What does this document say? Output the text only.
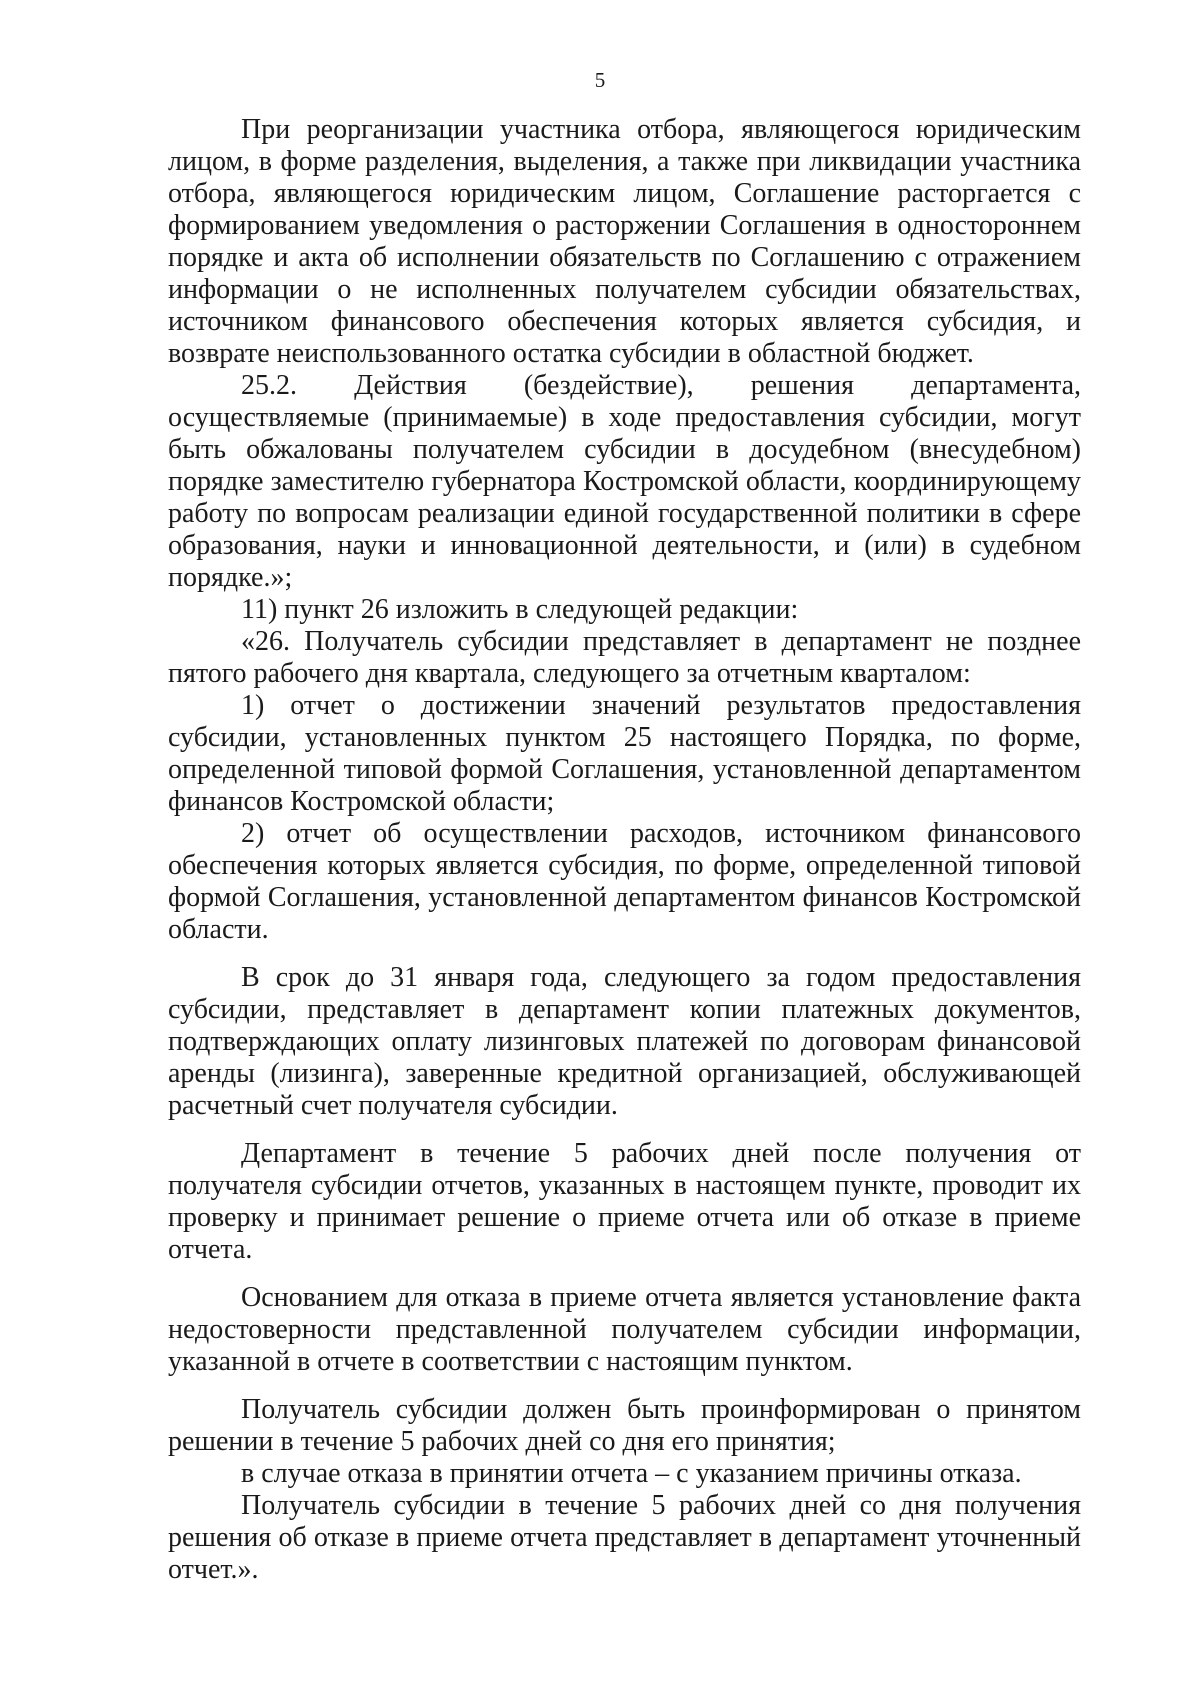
5

При реорганизации участника отбора, являющегося юридическим лицом, в форме разделения, выделения, а также при ликвидации участника отбора, являющегося юридическим лицом, Соглашение расторгается с формированием уведомления о расторжении Соглашения в одностороннем порядке и акта об исполнении обязательств по Соглашению с отражением информации о не исполненных получателем субсидии обязательствах, источником финансового обеспечения которых является субсидия, и возврате неиспользованного остатка субсидии в областной бюджет.

25.2. Действия (бездействие), решения департамента, осуществляемые (принимаемые) в ходе предоставления субсидии, могут быть обжалованы получателем субсидии в досудебном (внесудебном) порядке заместителю губернатора Костромской области, координирующему работу по вопросам реализации единой государственной политики в сфере образования, науки и инновационной деятельности, и (или) в судебном порядке.»;

11) пункт 26 изложить в следующей редакции:

«26. Получатель субсидии представляет в департамент не позднее пятого рабочего дня квартала, следующего за отчетным кварталом:

1) отчет о достижении значений результатов предоставления субсидии, установленных пунктом 25 настоящего Порядка, по форме, определенной типовой формой Соглашения, установленной департаментом финансов Костромской области;

2) отчет об осуществлении расходов, источником финансового обеспечения которых является субсидия, по форме, определенной типовой формой Соглашения, установленной департаментом финансов Костромской области.

В срок до 31 января года, следующего за годом предоставления субсидии, представляет в департамент копии платежных документов, подтверждающих оплату лизинговых платежей по договорам финансовой аренды (лизинга), заверенные кредитной организацией, обслуживающей расчетный счет получателя субсидии.

Департамент в течение 5 рабочих дней после получения от получателя субсидии отчетов, указанных в настоящем пункте, проводит их проверку и принимает решение о приеме отчета или об отказе в приеме отчета.

Основанием для отказа в приеме отчета является установление факта недостоверности представленной получателем субсидии информации, указанной в отчете в соответствии с настоящим пунктом.

Получатель субсидии должен быть проинформирован о принятом решении в течение 5 рабочих дней со дня его принятия;

в случае отказа в принятии отчета – с указанием причины отказа.

Получатель субсидии в течение 5 рабочих дней со дня получения решения об отказе в приеме отчета представляет в департамент уточненный отчет.».
